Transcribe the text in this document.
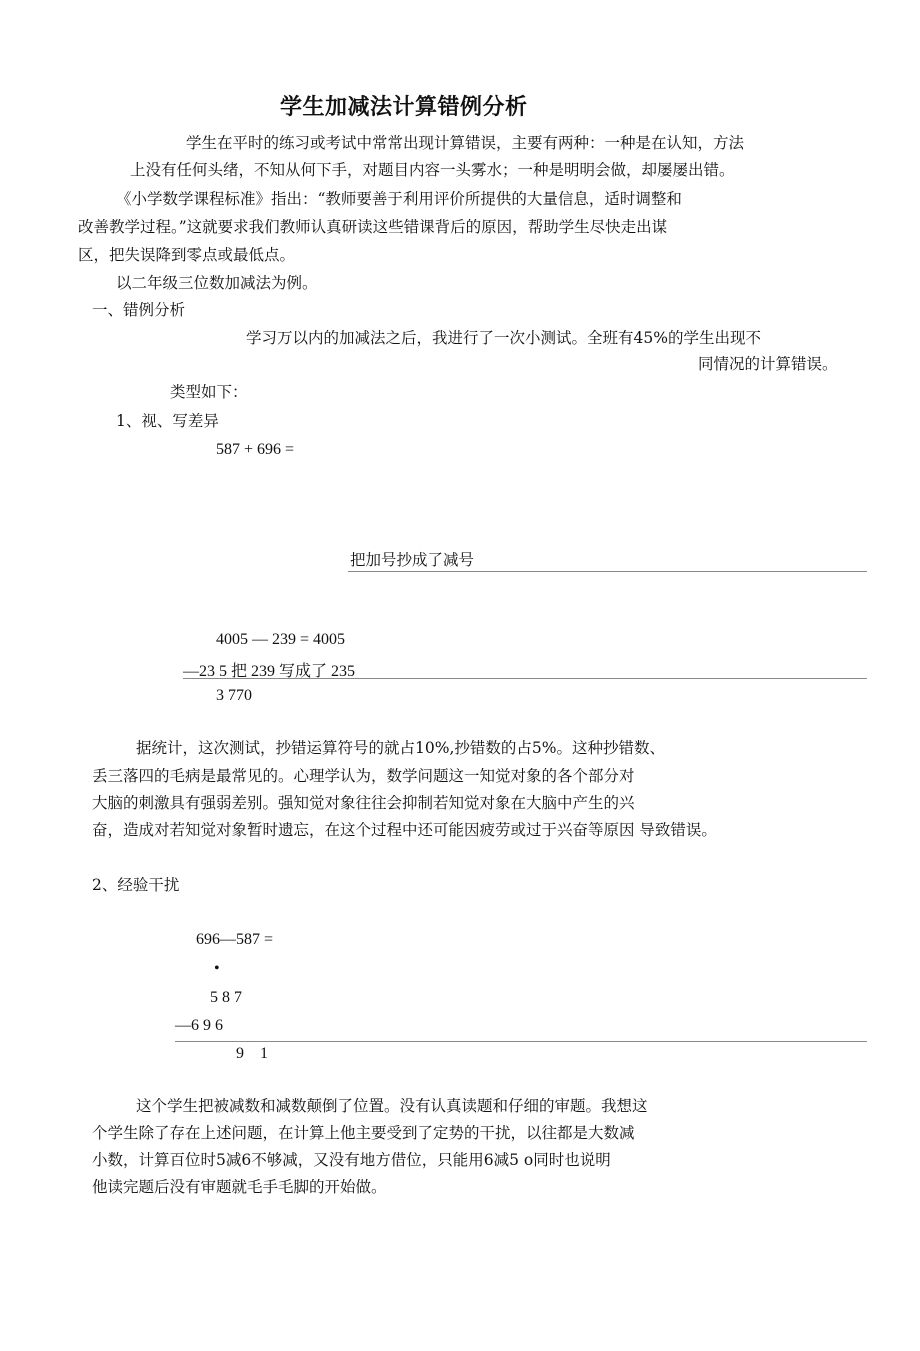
学生加减法计算错例分析
学生在平时的练习或考试中常常出现计算错误，主要有两种：一种是在认知，方法
上没有任何头绪，不知从何下手，对题目内容一头雾水；一种是明明会做，却屡屡出错。
《小学数学课程标准》指出：“教师要善于利用评价所提供的大量信息，适时调整和
改善教学过程。”这就要求我们教师认真研读这些错课背后的原因，帮助学生尽快走出谋
区，把失误降到零点或最低点。
以二年级三位数加减法为例。
一、错例分析
学习万以内的加减法之后，我进行了一次小测试。全班有45%的学生出现不
同情况的计算错误。
类型如下：
1、视、写差异
587 + 696 =
把加号抄成了减号
4005 — 239 = 4005
—23 5 把 239 写成了 235
3 770
据统计，这次测试，抄错运算符号的就占10%,抄错数的占5%。这种抄错数、
丢三落四的毛病是最常见的。心理学认为，数学问题这一知觉对象的各个部分对
大脑的刺激具有强弱差别。强知觉对象往往会抑制若知觉对象在大脑中产生的兴
奋，造成对若知觉对象暂时遗忘，在这个过程中还可能因疲劳或过于兴奋等原因 导致错误。
2、经验干扰
696—587 =
•
5 8 7
—6 9 6
9    1
这个学生把被减数和减数颠倒了位置。没有认真读题和仔细的审题。我想这
个学生除了存在上述问题，在计算上他主要受到了定势的干扰，以往都是大数减
小数，计算百位时5减6不够减，又没有地方借位，只能用6减5 o同时也说明
他读完题后没有审题就毛手毛脚的开始做。
